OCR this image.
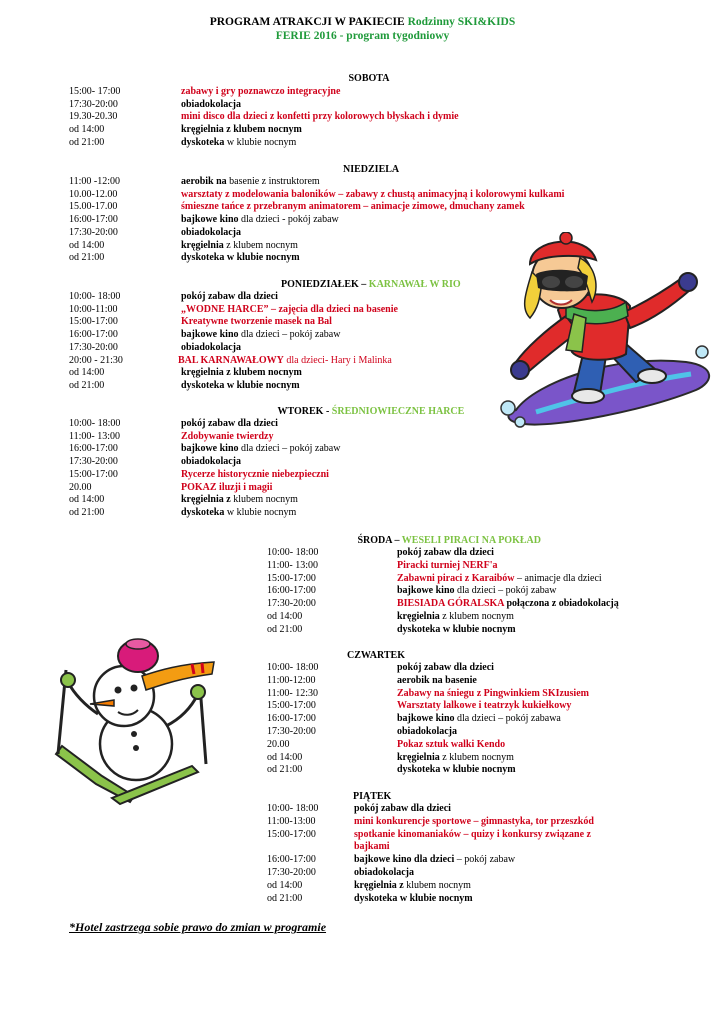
PROGRAM ATRAKCJI W PAKIECIE Rodzinny SKI&KIDS
FERIE 2016 - program tygodniowy
SOBOTA
15:00- 17:00	zabawy i gry poznawczo integracyjne
17:30-20:00	obiadokolacja
19.30-20.30	mini disco dla dzieci z konfetti przy kolorowych błyskach i dymie
od 14:00	kręgielnia z klubem nocnym
od 21:00	dyskoteka w klubie nocnym
NIEDZIELA
11:00 -12:00	aerobik na basenie z instruktorem
10.00-12.00	warsztaty z modelowania baloników – zabawy z chustą animacyjną i kolorowymi kulkami
15.00-17.00	śmieszne tańce z przebranym animatorem – animacje zimowe, dmuchany zamek
16:00-17:00	bajkowe kino dla dzieci - pokój zabaw
17:30-20:00	obiadokolacja
od 14:00	kręgielnia z klubem nocnym
od 21:00	dyskoteka w klubie nocnym
PONIEDZIAŁEK – KARNAWAŁ W RIO
10:00- 18:00	pokój zabaw dla dzieci
10:00-11:00	„WODNE HARCE” – zajęcia dla dzieci na basenie
15:00-17:00	Kreatywne tworzenie masek na Bal
16:00-17:00	bajkowe kino dla dzieci – pokój zabaw
17:30-20:00	obiadokolacja
20:00 - 21:30	BAL KARNAWAŁOWY dla dzieci- Hary i Malinka
od 14:00	kręgielnia z klubem nocnym
od 21:00	dyskoteka w klubie nocnym
WTOREK - ŚREDNIOWIECZNE HARCE
10:00- 18:00	pokój zabaw dla dzieci
11:00- 13:00	Zdobywanie twierdzy
16:00-17:00	bajkowe kino dla dzieci – pokój zabaw
17:30-20:00	obiadokolacja
15:00-17:00	Rycerze historycznie niebezpieczni
20.00	POKAZ iluzji i magii
od 14:00	kręgielnia z klubem nocnym
od 21:00	dyskoteka w klubie nocnym
ŚRODA – WESELI PIRACI NA POKŁAD
10:00- 18:00	pokój zabaw dla dzieci
11:00- 13:00	Piracki turniej NERF'a
15:00-17:00	Zabawni piraci z Karaibów – animacje dla dzieci
16:00-17:00	bajkowe kino dla dzieci – pokój zabaw
17:30-20:00	BIESIADA GÓRALSKA połączona z obiadokolacją
od 14:00	kręgielnia z klubem nocnym
od 21:00	dyskoteka w klubie nocnym
CZWARTEK
10:00- 18:00	pokój zabaw dla dzieci
11:00-12:00	aerobik na basenie
11:00- 12:30	Zabawy na śniegu z Pingwinkiem SKIzusiem
15:00-17:00	Warsztaty lalkowe i teatrzyk kukiełkowy
16:00-17:00	bajkowe kino dla dzieci – pokój zabawa
17:30-20:00	obiadokolacja
20.00	Pokaz sztuk walki Kendo
od 14:00	kręgielnia z klubem nocnym
od 21:00	dyskoteka w klubie nocnym
PIĄTEK
10:00- 18:00	pokój zabaw dla dzieci
11:00-13:00	mini konkurencje sportowe – gimnastyka, tor przeszkód
15:00-17:00	spotkanie kinomaniaków – quizy i konkursy związane z
bajkami
16:00-17:00	bajkowe kino dla dzieci – pokój zabaw
17:30-20:00	obiadokolacja
od 14:00	kręgielnia z klubem nocnym
od 21:00	dyskoteka w klubie nocnym
*Hotel zastrzega sobie prawo do zmian w programie
